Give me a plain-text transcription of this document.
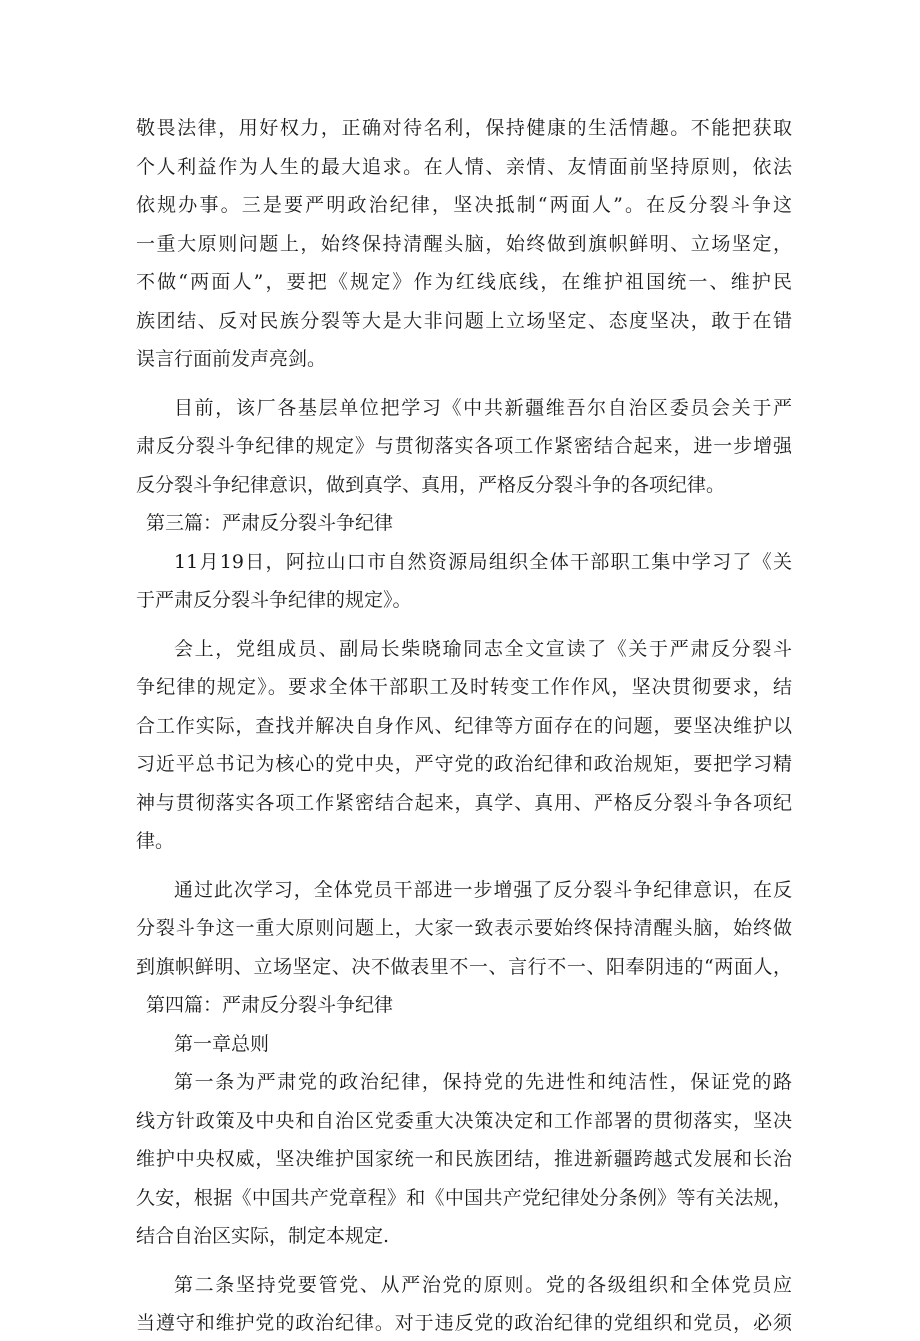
敬畏法律，用好权力，正确对待名利，保持健康的生活情趣。不能把获取
个人利益作为人生的最大追求。在人情、亲情、友情面前坚持原则，依法
依规办事。三是要严明政治纪律，坚决抵制“两面人”。在反分裂斗争这
一重大原则问题上，始终保持清醒头脑，始终做到旗帜鲜明、立场坚定，
不做“两面人”，要把《规定》作为红线底线，在维护祖国统一、维护民
族团结、反对民族分裂等大是大非问题上立场坚定、态度坚决，敢于在错
误言行面前发声亮剑。
目前，该厂各基层单位把学习《中共新疆维吾尔自治区委员会关于严
肃反分裂斗争纪律的规定》与贯彻落实各项工作紧密结合起来，进一步增强
反分裂斗争纪律意识，做到真学、真用，严格反分裂斗争的各项纪律。
第三篇：严肃反分裂斗争纪律
11月19日，阿拉山口市自然资源局组织全体干部职工集中学习了《关
于严肃反分裂斗争纪律的规定》。
会上，党组成员、副局长柴晓瑜同志全文宣读了《关于严肃反分裂斗
争纪律的规定》。要求全体干部职工及时转变工作作风，坚决贯彻要求，结
合工作实际，查找并解决自身作风、纪律等方面存在的问题，要坚决维护以
习近平总书记为核心的党中央，严守党的政治纪律和政治规矩，要把学习精
神与贯彻落实各项工作紧密结合起来，真学、真用、严格反分裂斗争各项纪
律。
通过此次学习，全体党员干部进一步增强了反分裂斗争纪律意识，在反
分裂斗争这一重大原则问题上，大家一致表示要始终保持清醒头脑，始终做
到旗帜鲜明、立场坚定、决不做表里不一、言行不一、阳奉阴违的“两面人，
第四篇：严肃反分裂斗争纪律
第一章总则
第一条为严肃党的政治纪律，保持党的先进性和纯洁性，保证党的路
线方针政策及中央和自治区党委重大决策决定和工作部署的贯彻落实，坚决
维护中央权威，坚决维护国家统一和民族团结，推进新疆跨越式发展和长治
久安，根据《中国共产党章程》和《中国共产党纪律处分条例》等有关法规，
结合自治区实际，制定本规定.
第二条坚持党要管党、从严治党的原则。党的各级组织和全体党员应
当遵守和维护党的政治纪律。对于违反党的政治纪律的党组织和党员，必须
